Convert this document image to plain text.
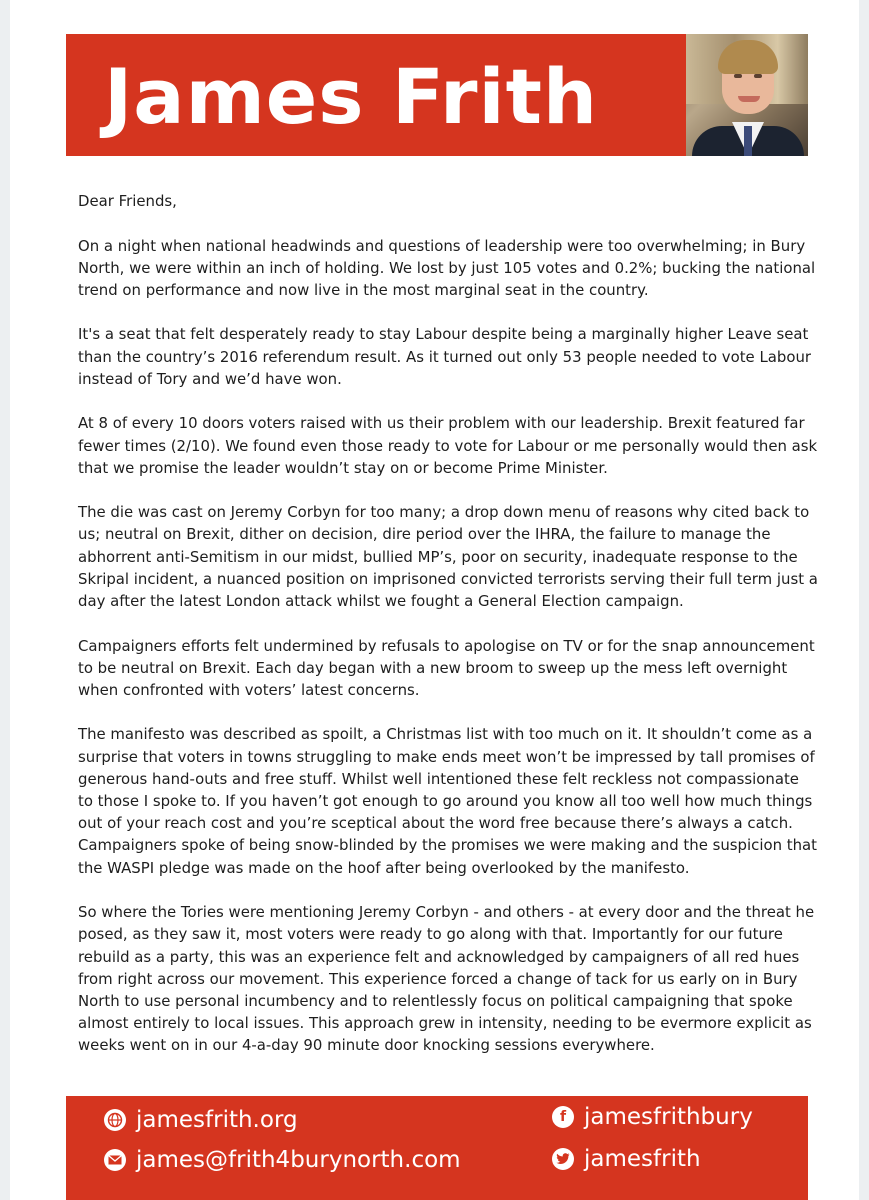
James Frith

Dear Friends,

On a night when national headwinds and questions of leadership were too overwhelming; in Bury North, we were within an inch of holding. We lost by just 105 votes and 0.2%; bucking the national trend on performance and now live in the most marginal seat in the country.

It's a seat that felt desperately ready to stay Labour despite being a marginally higher Leave seat than the country’s 2016 referendum result. As it turned out only 53 people needed to vote Labour instead of Tory and we’d have won.

At 8 of every 10 doors voters raised with us their problem with our leadership. Brexit featured far fewer times (2/10). We found even those ready to vote for Labour or me personally would then ask that we promise the leader wouldn’t stay on or become Prime Minister.

The die was cast on Jeremy Corbyn for too many; a drop down menu of reasons why cited back to us; neutral on Brexit, dither on decision, dire period over the IHRA, the failure to manage the abhorrent anti-Semitism in our midst, bullied MP’s, poor on security, inadequate response to the Skripal incident, a nuanced position on imprisoned convicted terrorists serving their full term just a day after the latest London attack whilst we fought a General Election campaign.

Campaigners efforts felt undermined by refusals to apologise on TV or for the snap announcement to be neutral on Brexit. Each day began with a new broom to sweep up the mess left overnight when confronted with voters’ latest concerns.

The manifesto was described as spoilt, a Christmas list with too much on it. It shouldn’t come as a surprise that voters in towns struggling to make ends meet won’t be impressed by tall promises of generous hand-outs and free stuff. Whilst well intentioned these felt reckless not compassionate to those I spoke to. If you haven’t got enough to go around you know all too well how much things out of your reach cost and you’re sceptical about the word free because there’s always a catch. Campaigners spoke of being snow-blinded by the promises we were making and the suspicion that the WASPI pledge was made on the hoof after being overlooked by the manifesto.

So where the Tories were mentioning Jeremy Corbyn - and others - at every door and the threat he posed, as they saw it, most voters were ready to go along with that. Importantly for our future rebuild as a party, this was an experience felt and acknowledged by campaigners of all red hues from right across our movement. This experience forced a change of tack for us early on in Bury North to use personal incumbency and to relentlessly focus on political campaigning that spoke almost entirely to local issues. This approach grew in intensity, needing to be evermore explicit as weeks went on in our 4-a-day 90 minute door knocking sessions everywhere.

jamesfrith.org
james@frith4burynorth.com
f jamesfrithbury
jamesfrith
